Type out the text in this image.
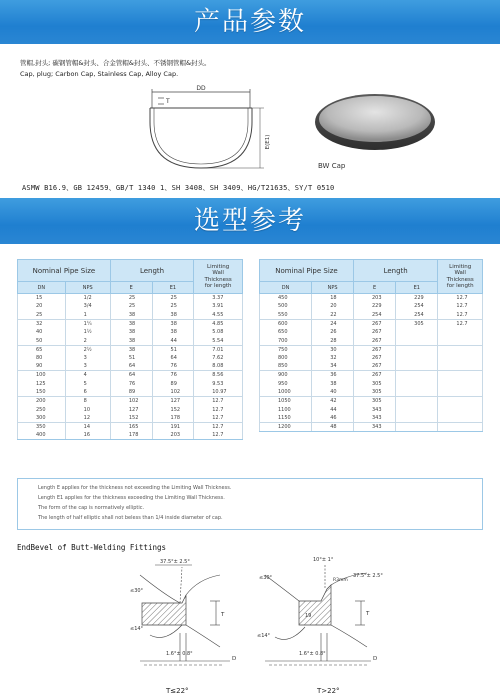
产品参数
管帽,封头; 碳钢管帽&封头、合金管帽&封头、不锈钢管帽&封头。
Cap, plug; Carbon Cap, Stainless Cap, Alloy Cap.
DD
T
E(E1)
BW Cap
ASMW B16.9、GB 12459、GB/T 1340 1、SH 3408、SH 3409、HG/T21635、SY/T 0510
选型参考
Nominal Pipe Size		Length		Limiting
Wall
Thickness
for length
DN	NPS	E	E1	
15	1/2	25	25	3.37
20	3/4	25	25	3.91
25	1	38	38	4.55
32	1¼	38	38	4.85
40	1½	38	38	5.08
50	2	38	44	5.54
65	2½	38	51	7.01
80	3	51	64	7.62
90	3	64	76	8.08
100	4	64	76	8.56
125	5	76	89	9.53
150	6	89	102	10.97
200	8	102	127	12.7
250	10	127	152	12.7
300	12	152	178	12.7
350	14	165	191	12.7
400	16	178	203	12.7
Nominal Pipe Size		Length		Limiting
Wall
Thickness
for length
DN	NPS	E	E1	
450	18	203	229	12.7
500	20	229	254	12.7
550	22	254	254	12.7
600	24	267	305	12.7
650	26	267		
700	28	267		
750	30	267		
800	32	267		
850	34	267		
900	36	267		
950	38	305		
1000	40	305		
1050	42	305		
1100	44	343		
1150	46	343		
1200	48	343		
Length E applies for the thickness not exceeding the Limiting Wall Thickness.
Length E1 applies for the thickness exceeding the Limiting Wall Thickness.
The form of the cap is normatively elliptic.
The length of half elliptic shall not beless than 1/4 inside diameter of cap.
EndBevel of Butt-Welding Fittings
37.5°± 2.5°
≤30°
≤14°
T
D
1.6°± 0.8°
10°± 1°
37.5°± 2.5°
≤30°	R3mm
T
19
≤14°
D
1.6°± 0.8°
T≤22°	T>22°
